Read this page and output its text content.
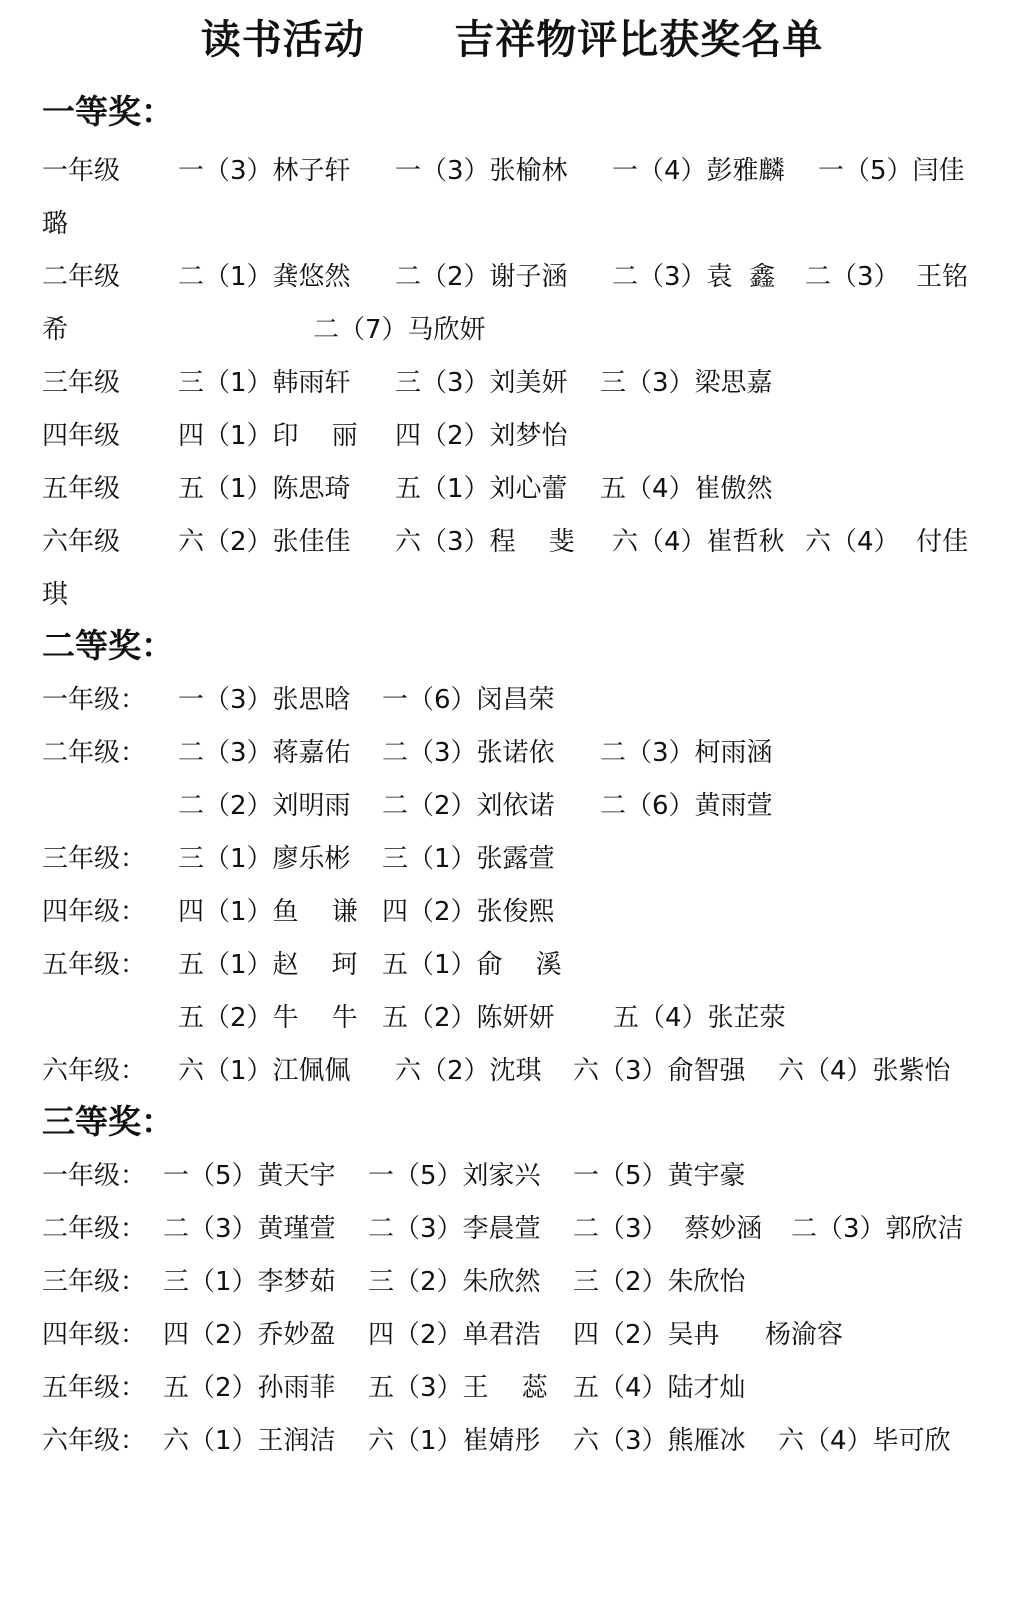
读书活动      吉祥物评比获奖名单
一等奖：
一年级 一（3）林子轩 一（3）张榆林 一（4）彭雅麟 一（5）闫佳
璐
二年级 二（1）龚悠然 二（2）谢子涵 二（3）袁  鑫 二（3）  王铭
希	二（7）马欣妍
三年级 三（1）韩雨轩 三（3）刘美妍 三（3）梁思嘉
四年级 四（1）印    丽 四（2）刘梦怡
五年级 五（1）陈思琦 五（1）刘心蕾 五（4）崔傲然
六年级 六（2）张佳佳 六（3）程    斐 六（4）崔哲秋 六（4）  付佳
琪
二等奖：
一年级： 一（3）张思晗 一（6）闵昌荣
二年级： 二（3）蒋嘉佑 二（3）张诺依 二（3）柯雨涵
二（2）刘明雨 二（2）刘依诺 二（6）黄雨萱
三年级： 三（1）廖乐彬 三（1）张露萱
四年级： 四（1）鱼    谦 四（2）张俊熙
五年级： 五（1）赵    珂 五（1）俞    溪
五（2）牛    牛 五（2）陈妍妍 五（4）张芷荥
六年级： 六（1）江佩佩 六（2）沈琪 六（3）俞智强 六（4）张紫怡
三等奖：
一年级： 一（5）黄天宇 一（5）刘家兴 一（5）黄宇豪
二年级： 二（3）黄瑾萱 二（3）李晨萱 二（3）  蔡妙涵 二（3）郭欣洁
三年级： 三（1）李梦茹 三（2）朱欣然 三（2）朱欣怡
四年级： 四（2）乔妙盈 四（2）单君浩 四（2）吴冉 杨渝容
五年级： 五（2）孙雨菲 五（3）王    蕊 五（4）陆才灿
六年级： 六（1）王润洁 六（1）崔婧彤 六（3）熊雁冰 六（4）毕可欣
